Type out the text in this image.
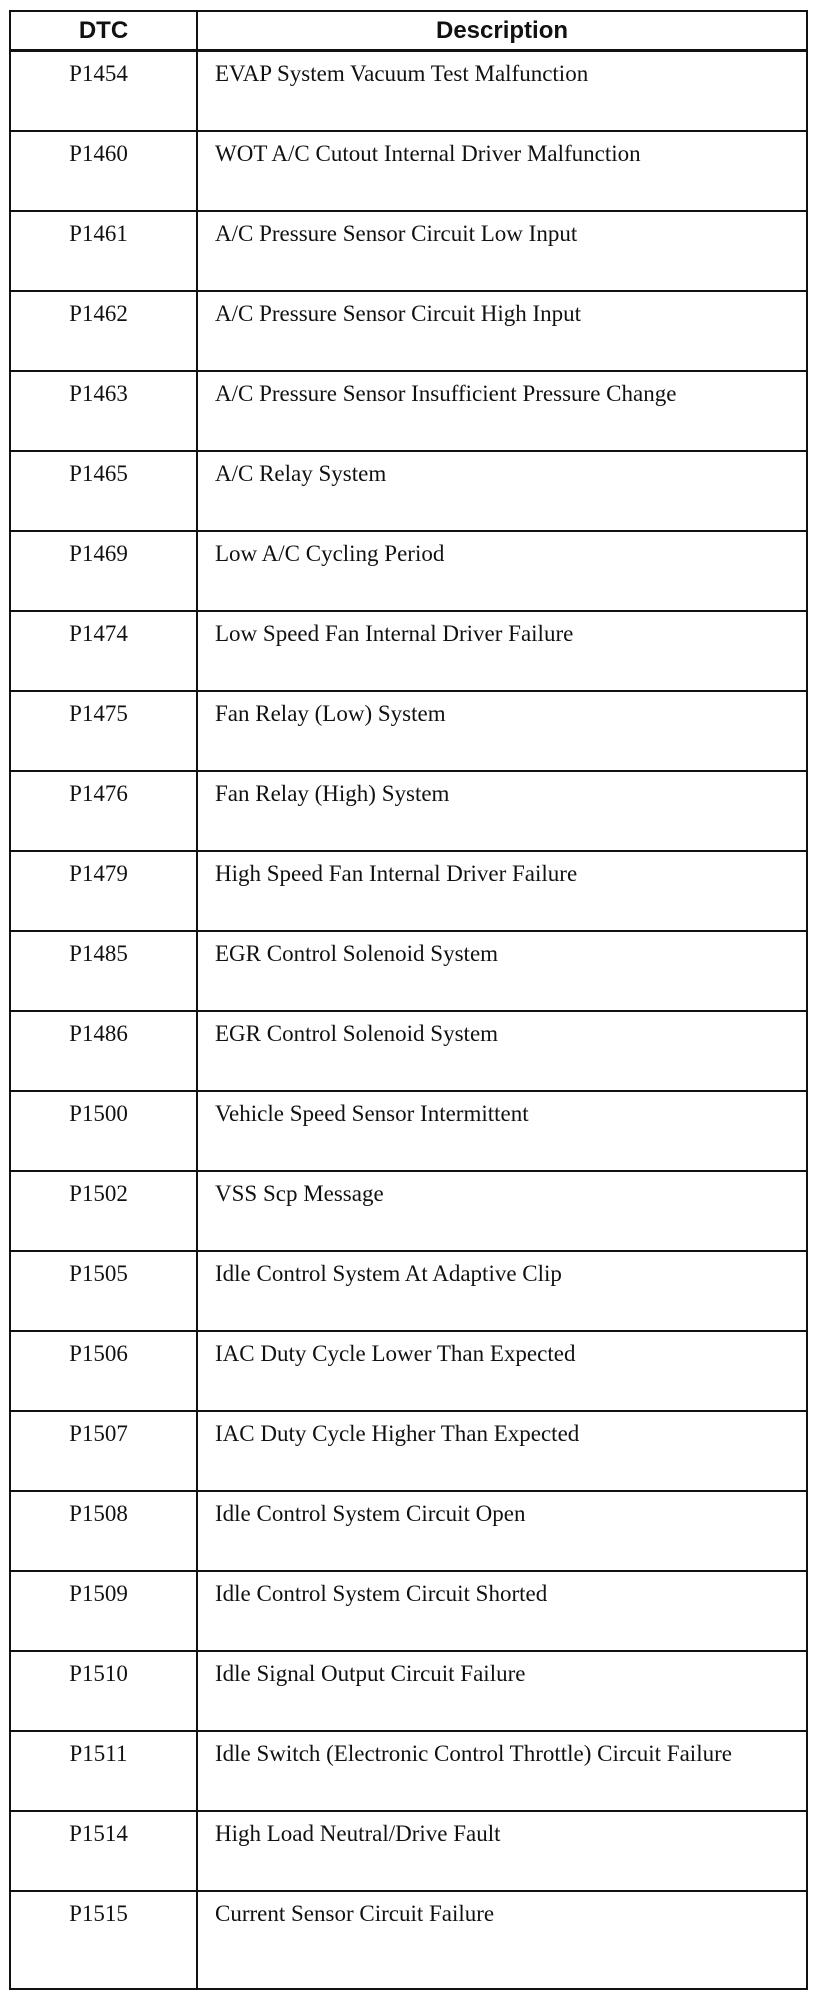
DTC	Description
P1454	EVAP System Vacuum Test Malfunction
P1460	WOT A/C Cutout Internal Driver Malfunction
P1461	A/C Pressure Sensor Circuit Low Input
P1462	A/C Pressure Sensor Circuit High Input
P1463	A/C Pressure Sensor Insufficient Pressure Change
P1465	A/C Relay System
P1469	Low A/C Cycling Period
P1474	Low Speed Fan Internal Driver Failure
P1475	Fan Relay (Low) System
P1476	Fan Relay (High) System
P1479	High Speed Fan Internal Driver Failure
P1485	EGR Control Solenoid System
P1486	EGR Control Solenoid System
P1500	Vehicle Speed Sensor Intermittent
P1502	VSS Scp Message
P1505	Idle Control System At Adaptive Clip
P1506	IAC Duty Cycle Lower Than Expected
P1507	IAC Duty Cycle Higher Than Expected
P1508	Idle Control System Circuit Open
P1509	Idle Control System Circuit Shorted
P1510	Idle Signal Output Circuit Failure
P1511	Idle Switch (Electronic Control Throttle) Circuit Failure
P1514	High Load Neutral/Drive Fault
P1515	Current Sensor Circuit Failure
